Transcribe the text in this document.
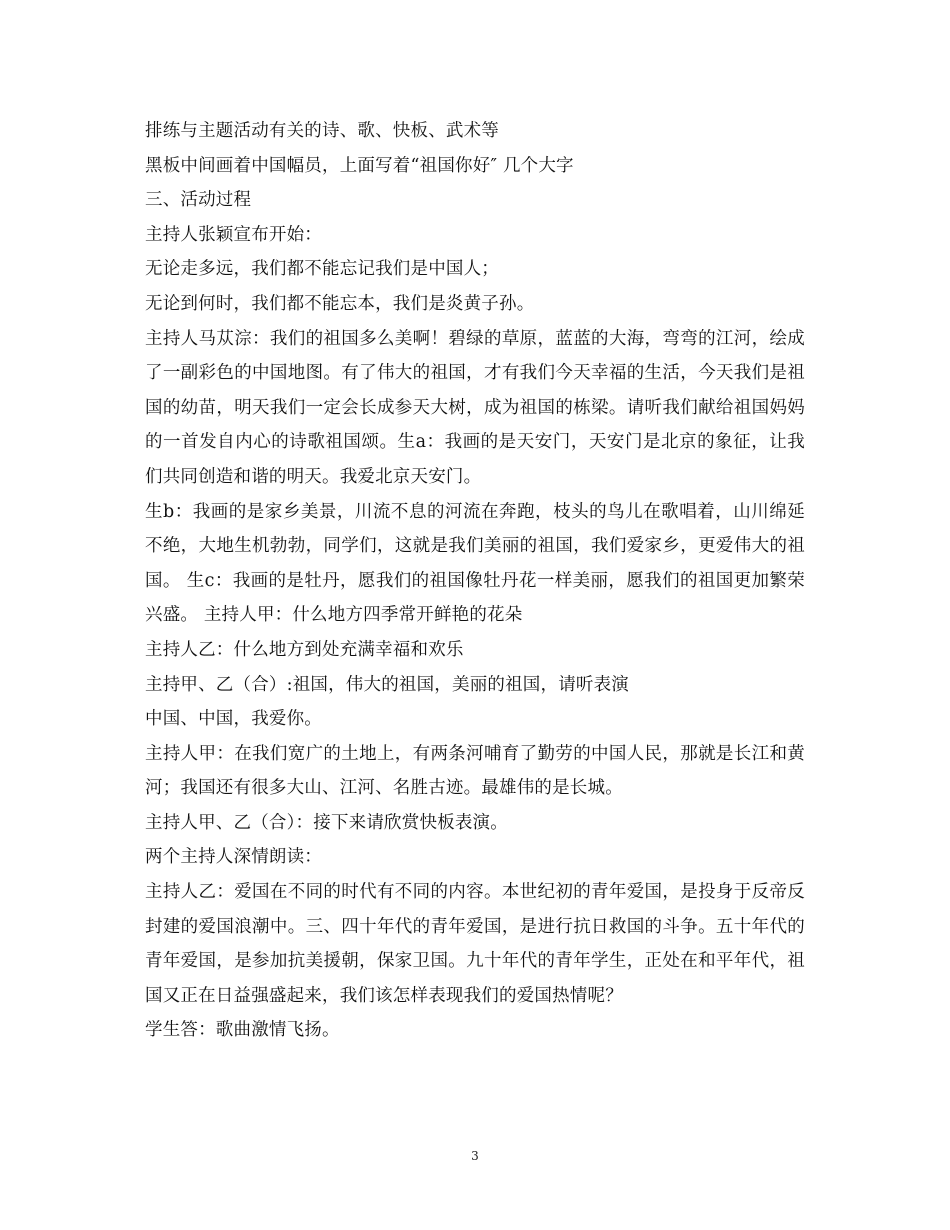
排练与主题活动有关的诗、歌、快板、武术等

黑板中间画着中国幅员，上面写着“祖国你好″ 几个大字

三、活动过程

主持人张颖宣布开始：

无论走多远，我们都不能忘记我们是中国人；

无论到何时，我们都不能忘本，我们是炎黄子孙。

主持人马苁淙：我们的祖国多么美啊！碧绿的草原，蓝蓝的大海，弯弯的江河，绘成了一副彩色的中国地图。有了伟大的祖国，才有我们今天幸福的生活，今天我们是祖国的幼苗，明天我们一定会长成参天大树，成为祖国的栋梁。请听我们献给祖国妈妈的一首发自内心的诗歌祖国颂。生a：我画的是天安门，天安门是北京的象征，让我们共同创造和谐的明天。我爱北京天安门。

生b：我画的是家乡美景，川流不息的河流在奔跑，枝头的鸟儿在歌唱着，山川绵延不绝，大地生机勃勃，同学们，这就是我们美丽的祖国，我们爱家乡，更爱伟大的祖国。 生c：我画的是牡丹，愿我们的祖国像牡丹花一样美丽，愿我们的祖国更加繁荣兴盛。 主持人甲：什么地方四季常开鲜艳的花朵

主持人乙：什么地方到处充满幸福和欢乐

主持甲、乙（合）:祖国，伟大的祖国，美丽的祖国，请听表演

中国、中国，我爱你。

主持人甲：在我们宽广的土地上，有两条河哺育了勤劳的中国人民，那就是长江和黄河；我国还有很多大山、江河、名胜古迹。最雄伟的是长城。

主持人甲、乙（合）：接下来请欣赏快板表演。

两个主持人深情朗读：

主持人乙：爱国在不同的时代有不同的内容。本世纪初的青年爱国，是投身于反帝反封建的爱国浪潮中。三、四十年代的青年爱国，是进行抗日救国的斗争。五十年代的青年爱国，是参加抗美援朝，保家卫国。九十年代的青年学生，正处在和平年代，祖国又正在日益强盛起来，我们该怎样表现我们的爱国热情呢？

学生答：歌曲激情飞扬。

3
